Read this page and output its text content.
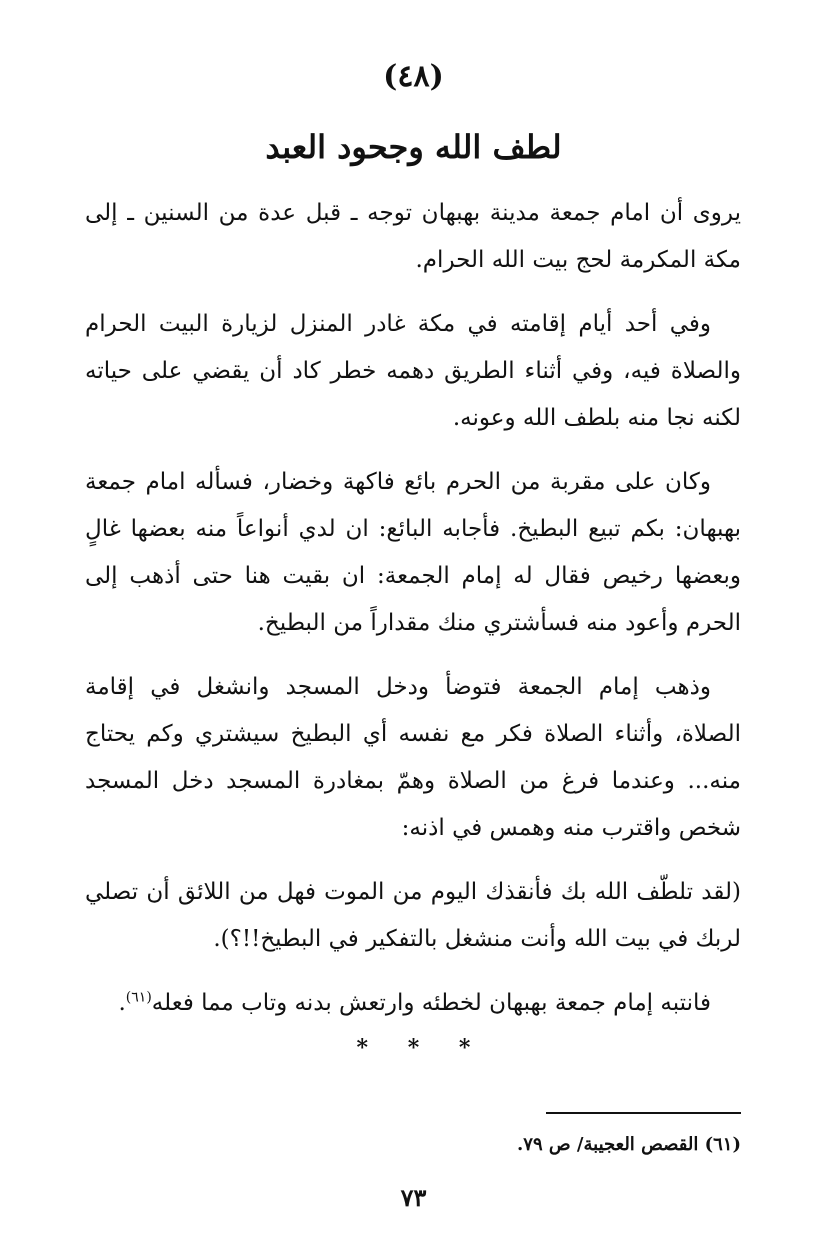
(٤٨)
لطف الله وجحود العبد

يروى أن امام جمعة مدينة بهبهان توجه ـ قبل عدة من السنين ـ إلى مكة المكرمة لحج بيت الله الحرام.

وفي أحد أيام إقامته في مكة غادر المنزل لزيارة البيت الحرام والصلاة فيه، وفي أثناء الطريق دهمه خطر كاد أن يقضي على حياته لكنه نجا منه بلطف الله وعونه.

وكان على مقربة من الحرم بائع فاكهة وخضار، فسأله امام جمعة بهبهان: بكم تبيع البطيخ. فأجابه البائع: ان لدي أنواعاً منه بعضها غالٍ وبعضها رخيص فقال له إمام الجمعة: ان بقيت هنا حتى أذهب إلى الحرم وأعود منه فسأشتري منك مقداراً من البطيخ.

وذهب إمام الجمعة فتوضأ ودخل المسجد وانشغل في إقامة الصلاة، وأثناء الصلاة فكر مع نفسه أي البطيخ سيشتري وكم يحتاج منه... وعندما فرغ من الصلاة وهمّ بمغادرة المسجد دخل المسجد شخص واقترب منه وهمس في اذنه:

(لقد تلطّف الله بك فأنقذك اليوم من الموت فهل من اللائق أن تصلي لربك في بيت الله وأنت منشغل بالتفكير في البطيخ!!؟).

فانتبه إمام جمعة بهبهان لخطئه وارتعش بدنه وتاب مما فعله$^{(٦١)}$.

* * *
(٦١) القصص العجيبة/ ص ٧٩.
٧٣
